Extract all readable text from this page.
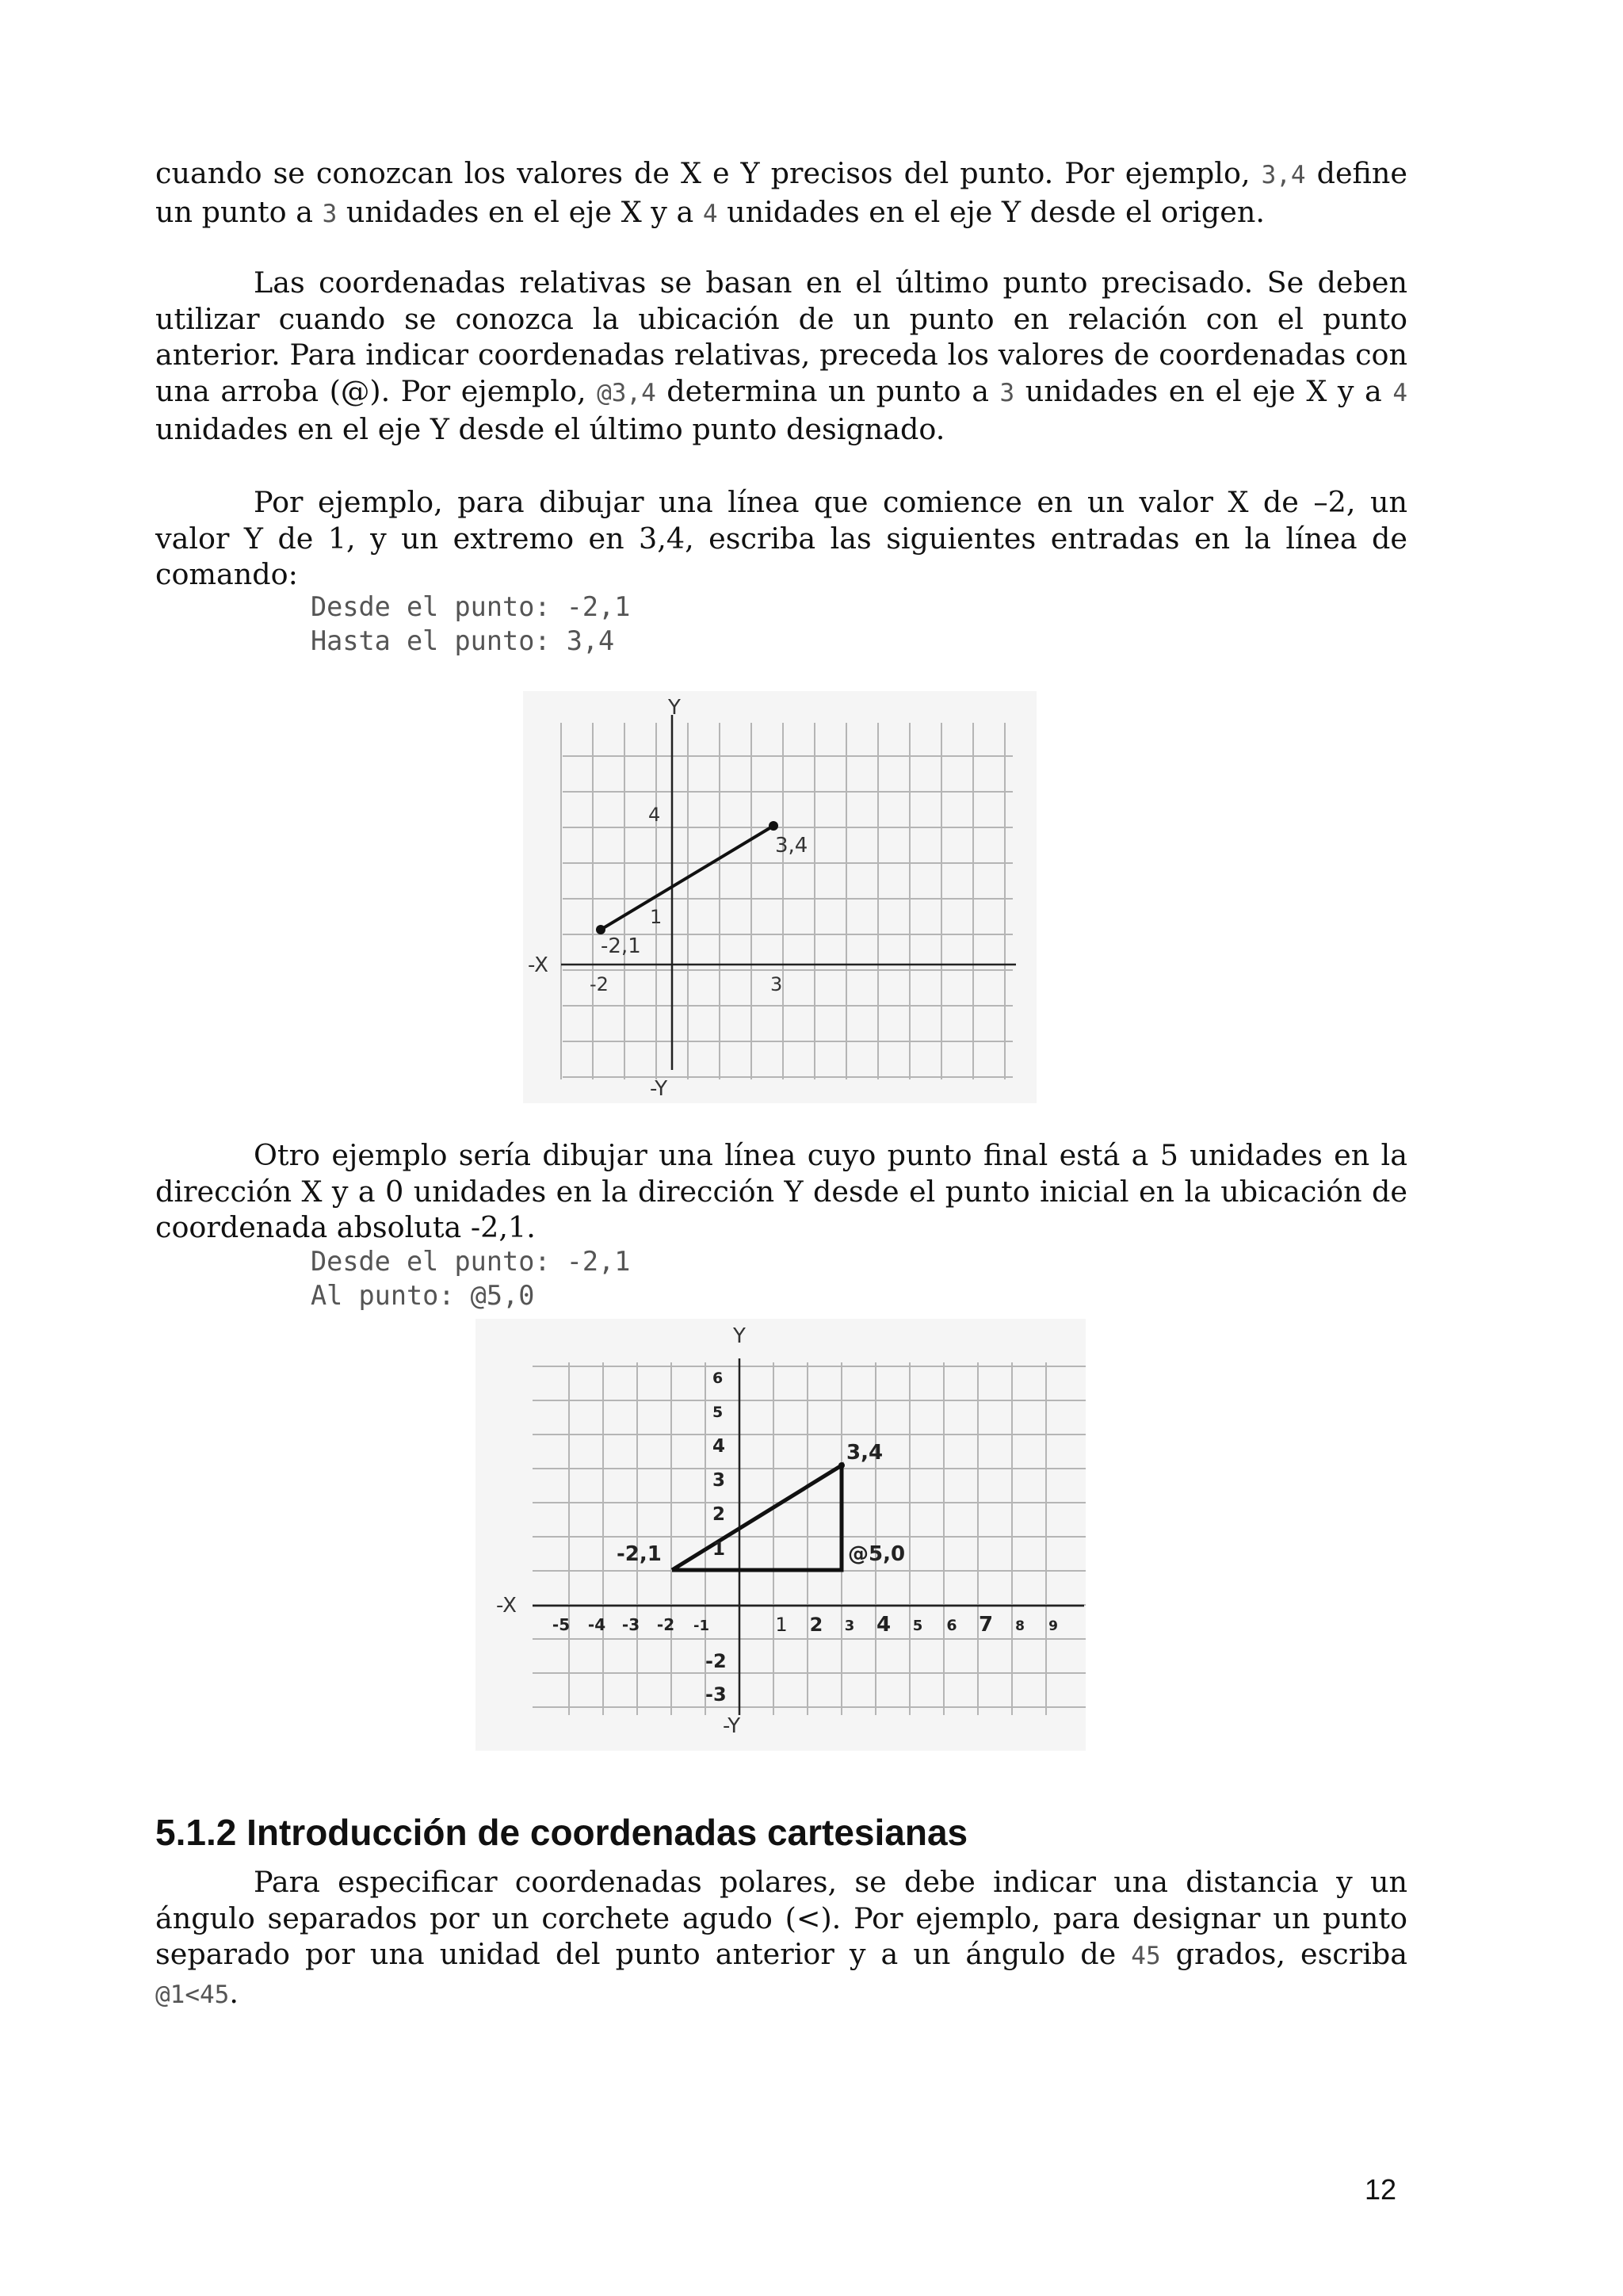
cuando se conozcan los valores de X e Y precisos del punto. Por ejemplo, 3,4 define un punto a 3 unidades en el eje X y a 4 unidades en el eje Y desde el origen.

Las coordenadas relativas se basan en el último punto precisado. Se deben utilizar cuando se conozca la ubicación de un punto en relación con el punto anterior. Para indicar coordenadas relativas, preceda los valores de coordenadas con una arroba (@). Por ejemplo, @3,4 determina un punto a 3 unidades en el eje X y a 4 unidades en el eje Y desde el último punto designado.

Por ejemplo, para dibujar una línea que comience en un valor X de –2, un valor Y de 1, y un extremo en 3,4, escriba las siguientes entradas en la línea de comando:

Desde el punto: -2,1
Hasta el punto: 3,4
Y
4
3,4
1
-2,1
-X
-2	3
-Y

Otro ejemplo sería dibujar una línea cuyo punto final está a 5 unidades en la dirección X y a 0 unidades en la dirección Y desde el punto inicial en la ubicación de coordenada absoluta -2,1.

Desde el punto: -2,1
Al punto: @5,0
Y
6
5
4
3
2
1
3,4
-2,1	@5,0
-X
-5 -4 -3 -2 -1	1 2 3 4 5 6 7 8 9
-2
-3
-Y
5.1.2 Introducción de coordenadas cartesianas

Para especificar coordenadas polares, se debe indicar una distancia y un ángulo separados por un corchete agudo (<). Por ejemplo, para designar un punto separado por una unidad del punto anterior y a un ángulo de 45 grados, escriba @1<45.

12
